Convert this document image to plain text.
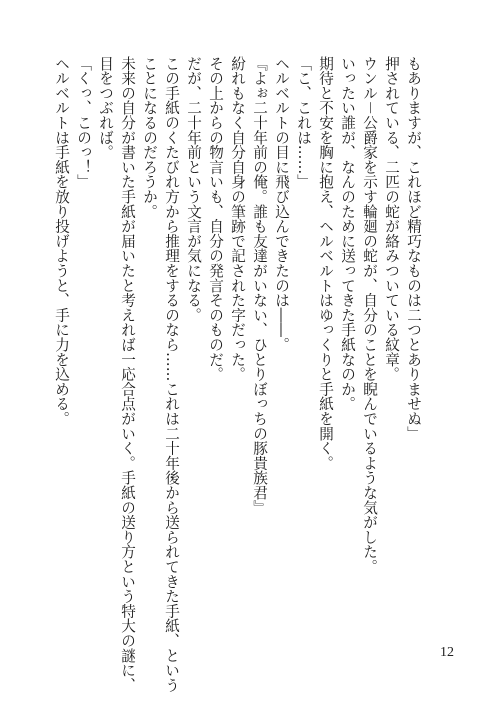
もありますが、これほど精巧なものは二つとありませぬ」

押されている、二匹の蛇が絡みついている紋章。

ウンル－公爵家を示す輪廻の蛇が、自分のことを睨んでいるような気がした。

いったい誰が、なんのために送ってきた手紙なのか。

期待と不安を胸に抱え、ヘルベルトはゆっくりと手紙を開く。

「こ、これは……」

ヘルベルトの目に飛び込んできたのは――。

『よぉ二十年前の俺。誰も友達がいない、ひとりぼっちの豚貴族君』

紛れもなく自分自身の筆跡で記された字だった。

その上からの物言いも、自分の発言そのものだ。

だが、二十年前という文言が気になる。

この手紙のくたびれ方から推理をするのなら……これは二十年後から送られてきた手紙、という

ことになるのだろうか。

未来の自分が書いた手紙が届いたと考えれば一応合点がいく。手紙の送り方という特大の謎に、

目をつぶれば。

「くっ、このっ！」

ヘルベルトは手紙を放り投げようと、手に力を込める。

12
